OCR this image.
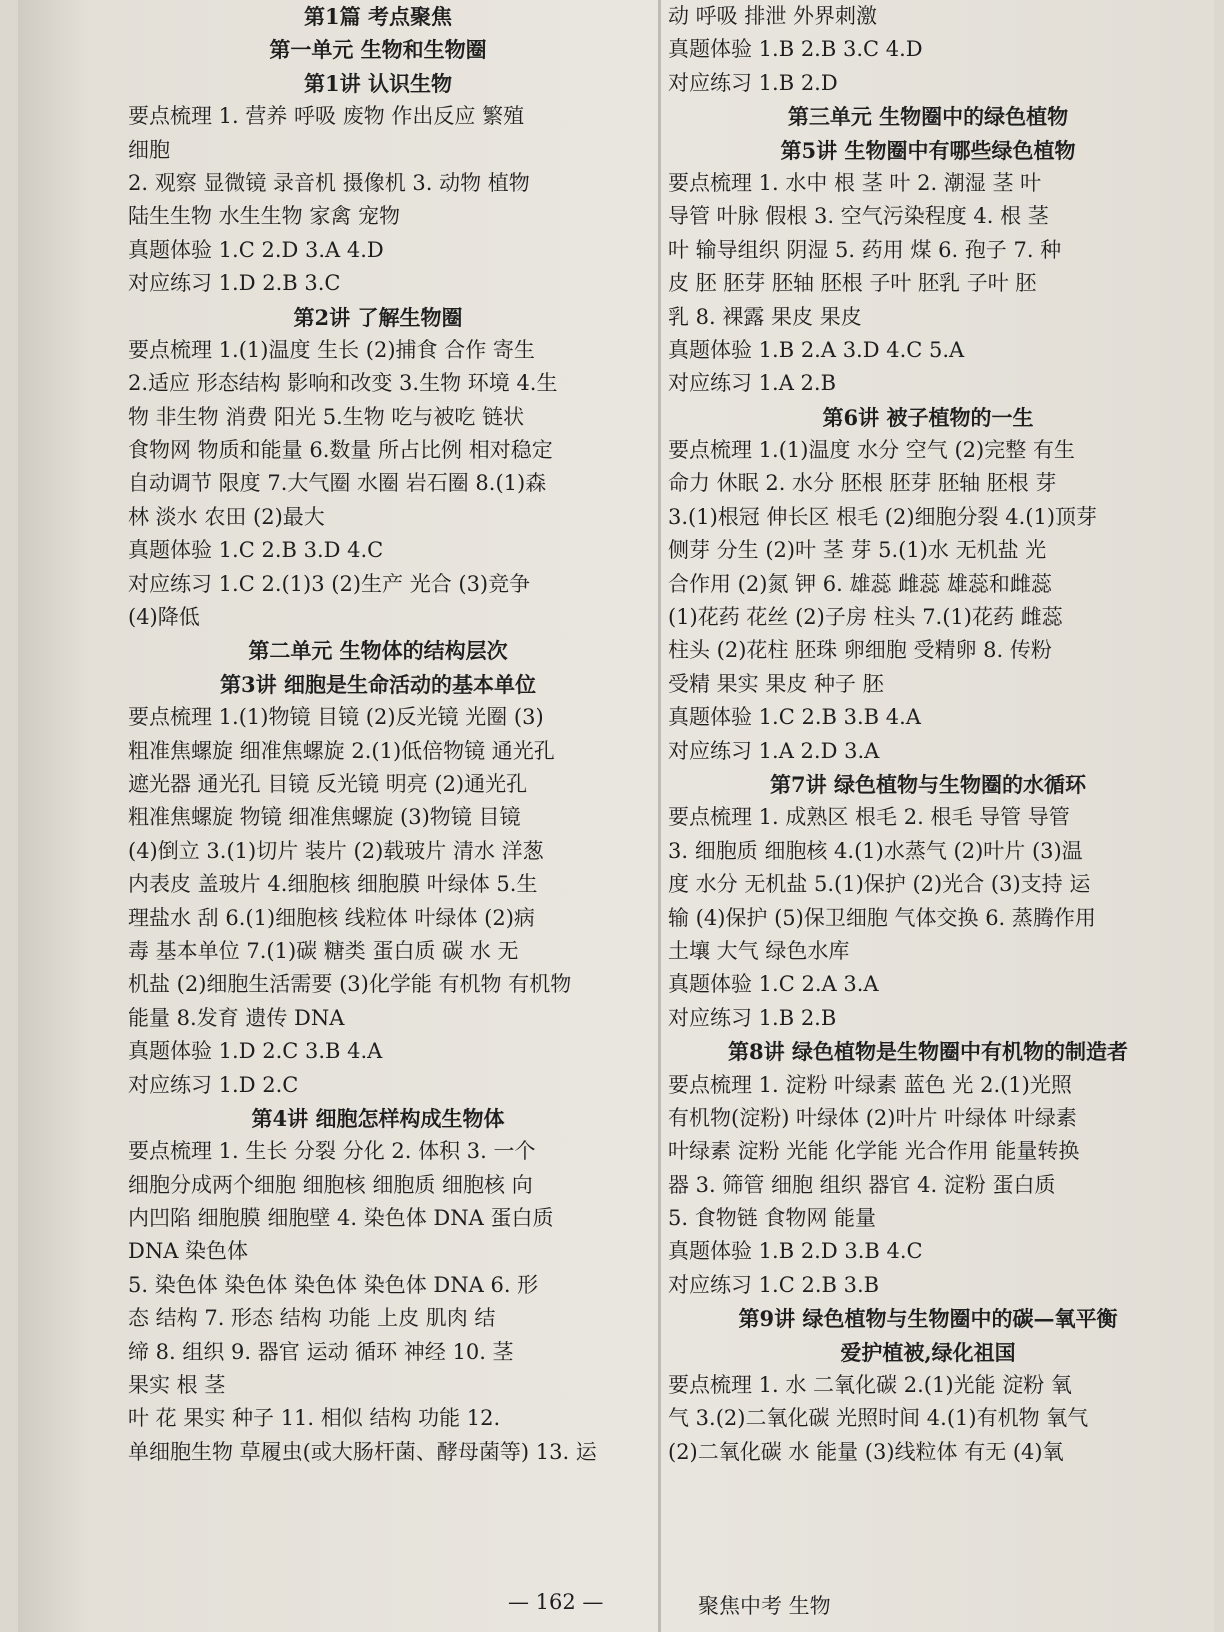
第1篇 考点聚焦
第一单元 生物和生物圈
第1讲 认识生物
要点梳理 1. 营养 呼吸 废物 作出反应 繁殖
细胞
2. 观察 显微镜 录音机 摄像机 3. 动物 植物
陆生生物 水生生物 家禽 宠物
真题体验 1.C 2.D 3.A 4.D
对应练习 1.D 2.B 3.C
第2讲 了解生物圈
要点梳理 1.(1)温度 生长 (2)捕食 合作 寄生
2.适应 形态结构 影响和改变 3.生物 环境 4.生
物 非生物 消费 阳光 5.生物 吃与被吃 链状
食物网 物质和能量 6.数量 所占比例 相对稳定
自动调节 限度 7.大气圈 水圈 岩石圈 8.(1)森
林 淡水 农田 (2)最大
真题体验 1.C 2.B 3.D 4.C
对应练习 1.C 2.(1)3 (2)生产 光合 (3)竞争
(4)降低
第二单元 生物体的结构层次
第3讲 细胞是生命活动的基本单位
要点梳理 1.(1)物镜 目镜 (2)反光镜 光圈 (3)
粗准焦螺旋 细准焦螺旋 2.(1)低倍物镜 通光孔
遮光器 通光孔 目镜 反光镜 明亮 (2)通光孔
粗准焦螺旋 物镜 细准焦螺旋 (3)物镜 目镜
(4)倒立 3.(1)切片 装片 (2)载玻片 清水 洋葱
内表皮 盖玻片 4.细胞核 细胞膜 叶绿体 5.生
理盐水 刮 6.(1)细胞核 线粒体 叶绿体 (2)病
毒 基本单位 7.(1)碳 糖类 蛋白质 碳 水 无
机盐 (2)细胞生活需要 (3)化学能 有机物 有机物
能量 8.发育 遗传 DNA
真题体验 1.D 2.C 3.B 4.A
对应练习 1.D 2.C
第4讲 细胞怎样构成生物体
要点梳理 1. 生长 分裂 分化 2. 体积 3. 一个
细胞分成两个细胞 细胞核 细胞质 细胞核 向
内凹陷 细胞膜 细胞壁 4. 染色体 DNA 蛋白质
DNA 染色体
5. 染色体 染色体 染色体 染色体 DNA 6. 形
态 结构 7. 形态 结构 功能 上皮 肌肉 结
缔 8. 组织 9. 器官 运动 循环 神经 10. 茎
果实 根 茎
叶 花 果实 种子 11. 相似 结构 功能 12.
单细胞生物 草履虫(或大肠杆菌、酵母菌等) 13. 运
动 呼吸 排泄 外界刺激
真题体验 1.B 2.B 3.C 4.D
对应练习 1.B 2.D
第三单元 生物圈中的绿色植物
第5讲 生物圈中有哪些绿色植物
要点梳理 1. 水中 根 茎 叶 2. 潮湿 茎 叶
导管 叶脉 假根 3. 空气污染程度 4. 根 茎
叶 输导组织 阴湿 5. 药用 煤 6. 孢子 7. 种
皮 胚 胚芽 胚轴 胚根 子叶 胚乳 子叶 胚
乳 8. 裸露 果皮 果皮
真题体验 1.B 2.A 3.D 4.C 5.A
对应练习 1.A 2.B
第6讲 被子植物的一生
要点梳理 1.(1)温度 水分 空气 (2)完整 有生
命力 休眠 2. 水分 胚根 胚芽 胚轴 胚根 芽
3.(1)根冠 伸长区 根毛 (2)细胞分裂 4.(1)顶芽
侧芽 分生 (2)叶 茎 芽 5.(1)水 无机盐 光
合作用 (2)氮 钾 6. 雄蕊 雌蕊 雄蕊和雌蕊
(1)花药 花丝 (2)子房 柱头 7.(1)花药 雌蕊
柱头 (2)花柱 胚珠 卵细胞 受精卵 8. 传粉
受精 果实 果皮 种子 胚
真题体验 1.C 2.B 3.B 4.A
对应练习 1.A 2.D 3.A
第7讲 绿色植物与生物圈的水循环
要点梳理 1. 成熟区 根毛 2. 根毛 导管 导管
3. 细胞质 细胞核 4.(1)水蒸气 (2)叶片 (3)温
度 水分 无机盐 5.(1)保护 (2)光合 (3)支持 运
输 (4)保护 (5)保卫细胞 气体交换 6. 蒸腾作用
土壤 大气 绿色水库
真题体验 1.C 2.A 3.A
对应练习 1.B 2.B
第8讲 绿色植物是生物圈中有机物的制造者
要点梳理 1. 淀粉 叶绿素 蓝色 光 2.(1)光照
有机物(淀粉) 叶绿体 (2)叶片 叶绿体 叶绿素
叶绿素 淀粉 光能 化学能 光合作用 能量转换
器 3. 筛管 细胞 组织 器官 4. 淀粉 蛋白质
5. 食物链 食物网 能量
真题体验 1.B 2.D 3.B 4.C
对应练习 1.C 2.B 3.B
第9讲 绿色植物与生物圈中的碳—氧平衡
爱护植被,绿化祖国
要点梳理 1. 水 二氧化碳 2.(1)光能 淀粉 氧
气 3.(2)二氧化碳 光照时间 4.(1)有机物 氧气
(2)二氧化碳 水 能量 (3)线粒体 有无 (4)氧
— 162 —	聚焦中考 生物
